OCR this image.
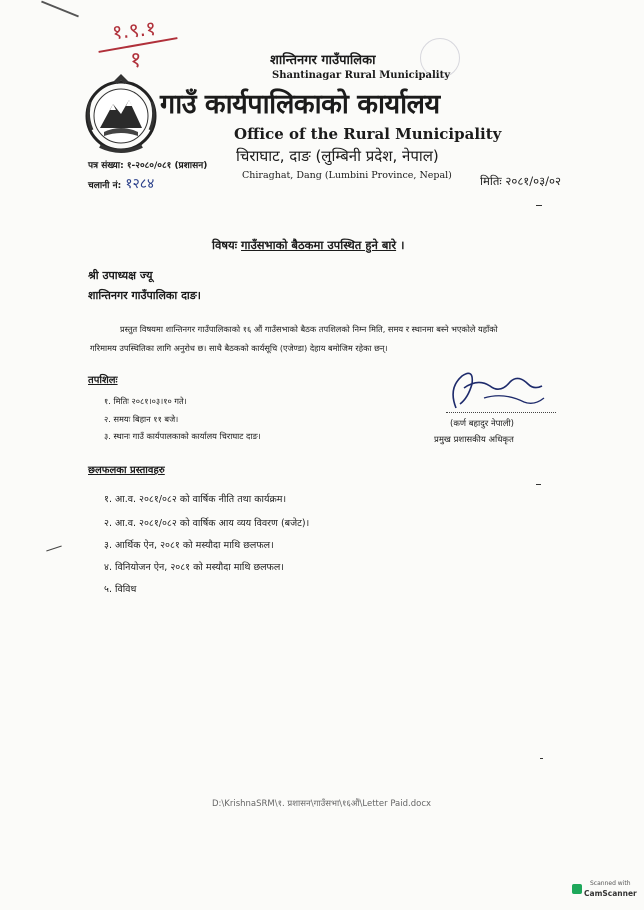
१.९.१
१	शान्तिनगर गाउँपालिका
Shantinagar Rural Municipality
गाउँ कार्यपालिकाको कार्यालय
Office of the Rural Municipality
चिराघाट, दाङ (लुम्बिनी प्रदेश, नेपाल)
Chiraghat, Dang (Lumbini Province, Nepal)
पत्र संख्या: १-२०८०/०८१ (प्रशासन)
चलानी नं: १२८४	मितिः २०८१/०३/०२
विषयः गाउँसभाको बैठकमा उपस्थित हुने बारे ।
श्री उपाध्यक्ष ज्यू
शान्तिनगर गाउँपालिका दाङ।
प्रस्तुत विषयमा शान्तिनगर गाउँपालिकाको १६ औं गाउँसभाको बैठक तपशिलको निम्न मिति, समय र स्थानमा बस्ने भएकोले यहाँको
गरिमामय उपस्थितिका लागि अनुरोध छ। साथै बैठकको कार्यसूचि (एजेण्डा) देहाय बमोजिम रहेका छन्।
तपशिलः
१. मितिः २०८१।०३।१० गते।
२. समयः बिहान ११ बजे।
३. स्थानः गाउँ कार्यपालकाको कार्यालय चिराघाट दाङ।
(कर्ण बहादुर नेपाली)
प्रमुख प्रशासकीय अधिकृत
छलफलका प्रस्तावहरु
१. आ.व. २०८१/०८२ को वार्षिक नीति तथा कार्यक्रम।
२. आ.व. २०८१/०८२ को वार्षिक आय व्यय विवरण (बजेट)।
३. आर्थिक ऐन, २०८१ को मस्यौदा माथि छलफल।
४. विनियोजन ऐन, २०८१ को मस्यौदा माथि छलफल।
५. विविध
D:\KrishnaSRM\१. प्रशासन\गाउँसभा\१६औं\Letter Paid.docx
Scanned with
CamScanner
